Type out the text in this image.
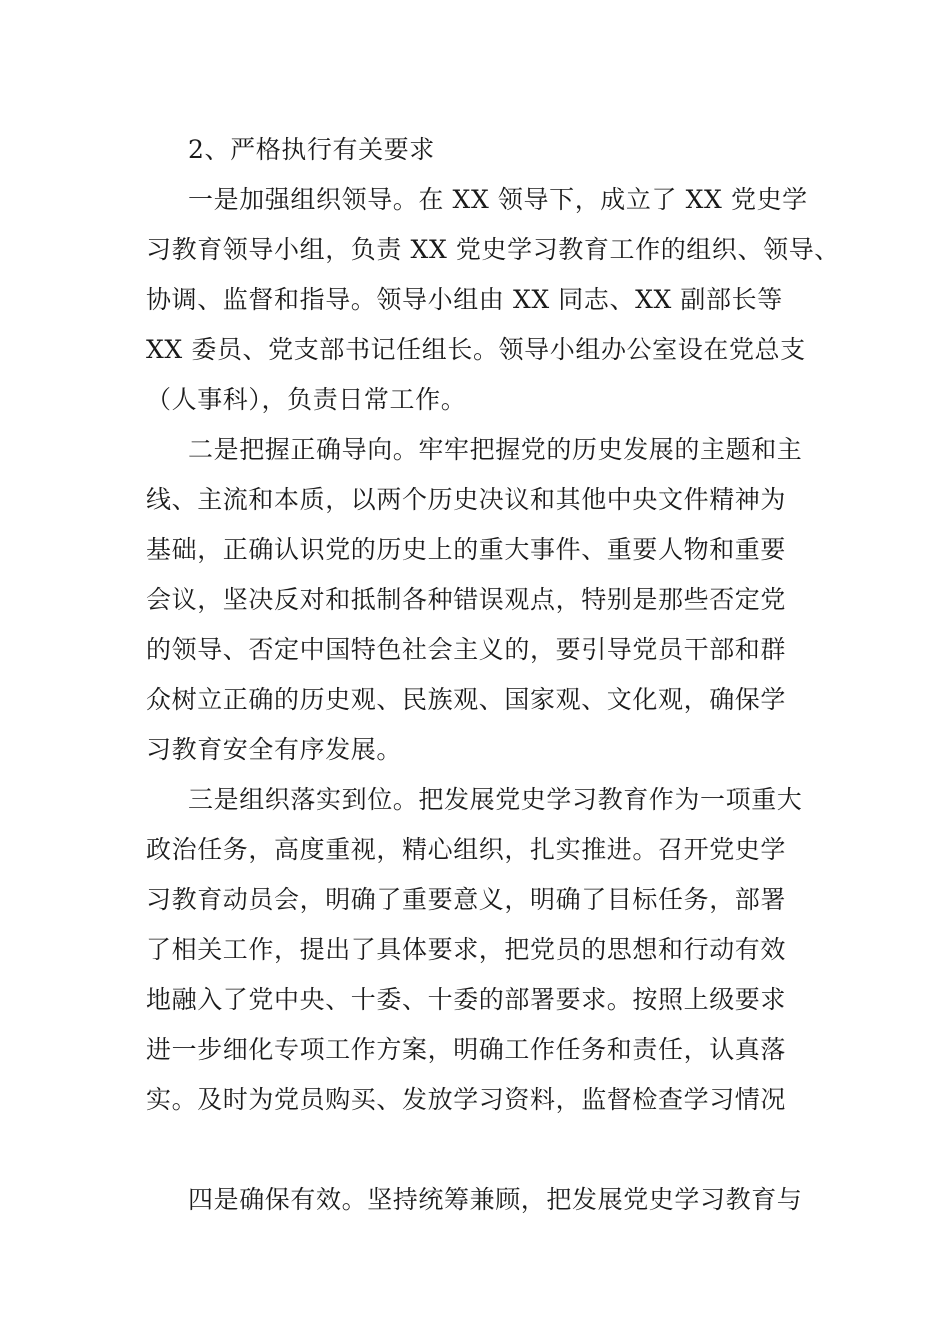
2、严格执行有关要求
一是加强组织领导。在 XX 领导下，成立了 XX 党史学
习教育领导小组，负责 XX 党史学习教育工作的组织、领导、
协调、监督和指导。领导小组由 XX 同志、XX 副部长等
XX 委员、党支部书记任组长。领导小组办公室设在党总支
（人事科），负责日常工作。
二是把握正确导向。牢牢把握党的历史发展的主题和主
线、主流和本质，以两个历史决议和其他中央文件精神为
基础，正确认识党的历史上的重大事件、重要人物和重要
会议，坚决反对和抵制各种错误观点，特别是那些否定党
的领导、否定中国特色社会主义的，要引导党员干部和群
众树立正确的历史观、民族观、国家观、文化观，确保学
习教育安全有序发展。
三是组织落实到位。把发展党史学习教育作为一项重大
政治任务，高度重视，精心组织，扎实推进。召开党史学
习教育动员会，明确了重要意义，明确了目标任务，部署
了相关工作，提出了具体要求，把党员的思想和行动有效
地融入了党中央、十委、十委的部署要求。按照上级要求
进一步细化专项工作方案，明确工作任务和责任，认真落
实。及时为党员购买、发放学习资料，监督检查学习情况
四是确保有效。坚持统筹兼顾，把发展党史学习教育与
